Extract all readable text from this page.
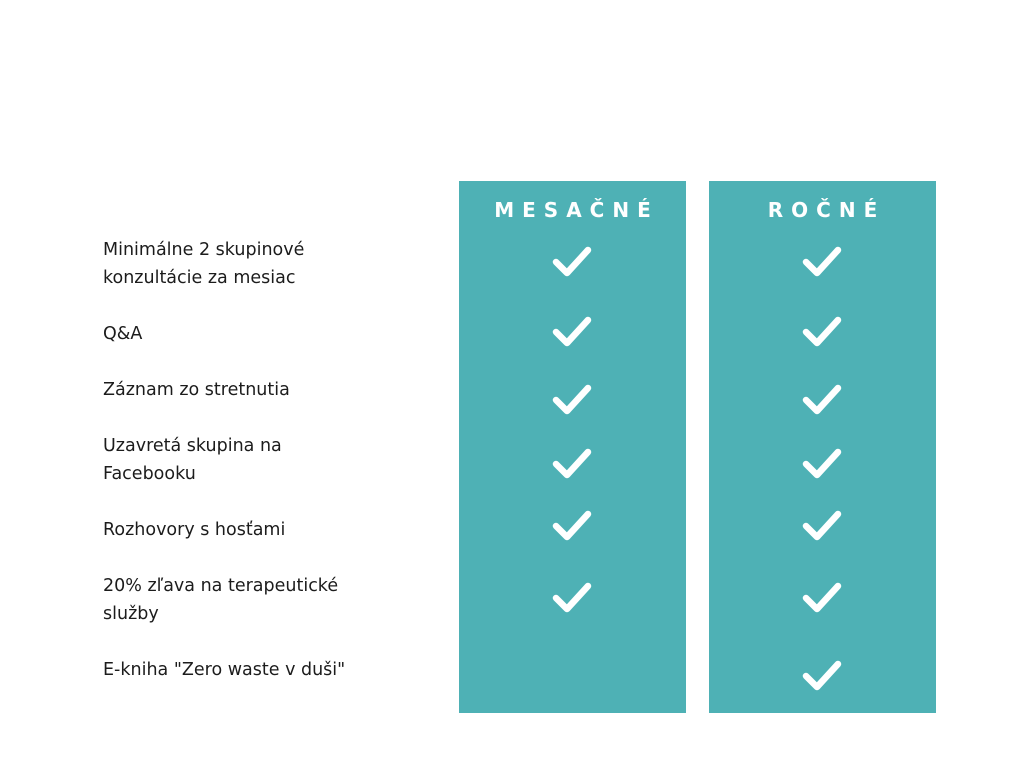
MESAČNÉ	ROČNÉ

Minimálne 2 skupinové konzultácie za mesiac

Q&A

Záznam zo stretnutia

Uzavretá skupina na Facebooku

Rozhovory s hosťami

20% zľava na terapeutické služby

E-kniha "Zero waste v duši"
